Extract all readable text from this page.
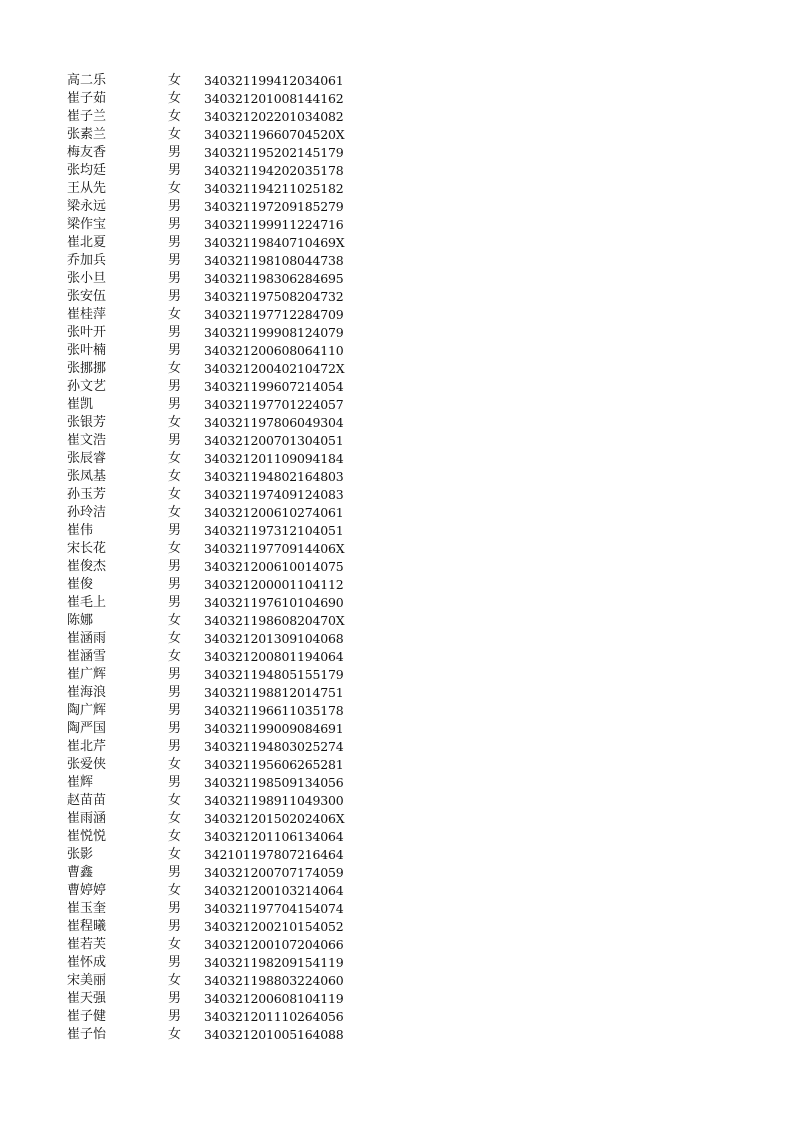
高二乐	女 340321199412034061
崔子茹	女 340321201008144162
崔子兰	女 340321202201034082
张素兰	女 34032119660704520X
梅友香	男 340321195202145179
张均廷	男 340321194202035178
王从先	女 340321194211025182
梁永远	男 340321197209185279
梁作宝	男 340321199911224716
崔北夏	男 34032119840710469X
乔加兵	男 340321198108044738
张小旦	男 340321198306284695
张安伍	男 340321197508204732
崔桂萍	女 340321197712284709
张叶开	男 340321199908124079
张叶楠	男 340321200608064110
张挪挪	女 34032120040210472X
孙文艺	男 340321199607214054
崔凯	男 340321197701224057
张银芳	女 340321197806049304
崔文浩	男 340321200701304051
张辰睿	女 340321201109094184
张凤基	女 340321194802164803
孙玉芳	女 340321197409124083
孙玲洁	女 340321200610274061
崔伟	男 340321197312104051
宋长花	女 34032119770914406X
崔俊杰	男 340321200610014075
崔俊	男 340321200001104112
崔毛上	男 340321197610104690
陈娜	女 34032119860820470X
崔涵雨	女 340321201309104068
崔涵雪	女 340321200801194064
崔广辉	男 340321194805155179
崔海浪	男 340321198812014751
陶广辉	男 340321196611035178
陶严国	男 340321199009084691
崔北芹	男 340321194803025274
张爱侠	女 340321195606265281
崔辉	男 340321198509134056
赵苗苗	女 340321198911049300
崔雨涵	女 34032120150202406X
崔悦悦	女 340321201106134064
张影	女 342101197807216464
曹鑫	男 340321200707174059
曹婷婷	女 340321200103214064
崔玉奎	男 340321197704154074
崔程曦	男 340321200210154052
崔若芙	女 340321200107204066
崔怀成	男 340321198209154119
宋美丽	女 340321198803224060
崔天强	男 340321200608104119
崔子健	男 340321201110264056
崔子怡	女 340321201005164088
